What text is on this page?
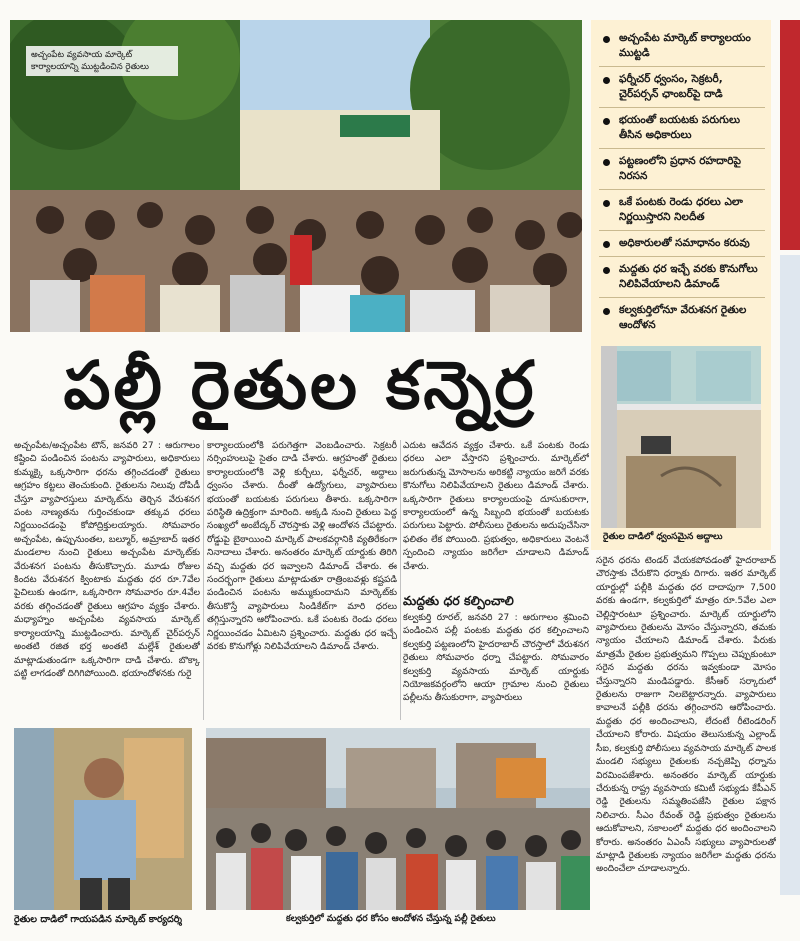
అచ్చంపేట వ్యవసాయ మార్కెట్ కార్యాలయాన్ని ముట్టడించిన రైతులు
అచ్చంపేట మార్కెట్ కార్యాలయం ముట్టడి
ఫర్నీచర్ ధ్వంసం, సెక్రటరీ, చైర్‌పర్సన్ ఛాంబర్‌పై దాడి
భయంతో బయటకు పరుగులు తీసిన అధికారులు
పట్టణంలోని ప్రధాన రహదారిపై నిరసన
ఒకే పంటకు రెండు ధరలు ఎలా నిర్ణయిస్తారని నిలదీత
అధికారులతో సమాధానం కరువు
మద్దతు ధర ఇచ్చే వరకు కొనుగోలు నిలిపివేయాలని డిమాండ్
కల్వకుర్తిలోనూ వేరుశనగ రైతుల ఆందోళన
రైతుల దాడిలో ధ్వంసమైన అద్దాలు
పల్లీ రైతుల కన్నెర్ర
అచ్చంపేట/అచ్చంపేట టౌన్, జనవరి 27 : ఆరుగాలం కష్టించి పండించిన పంటను వ్యాపారులు, అధికారులు కుమ్మక్కై ఒక్కసారిగా ధరను తగ్గించడంతో రైతులు ఆగ్రహం కట్టలు తెంచుకుంది. రైతులను నిలువు దోపిడీ చేస్తూ వ్యాపారస్తులు మార్కెట్‌ను తెర్చిన వేరుశనగ పంట నాణ్యతను గుర్తించకుండా తక్కువ ధరలు నిర్ణయించడంపై కోపోద్రిక్తులయ్యారు. సోమవారం అచ్చంపేట, ఉప్పునుంతల, బల్మూర్, అమ్రాబాద్ ఇతర మండలాల నుంచి రైతులు అచ్చంపేట మార్కెట్‌కు వేరుశనగ పంటను తీసుకొచ్చారు. మూడు రోజుల కిందట వేరుశనగ క్వింటాకు మద్దతు ధర రూ.7వేల పైచిలుకు ఉండగా, ఒక్కసారిగా సోమవారం రూ.4వేల వరకు తగ్గించడంతో రైతులు ఆగ్రహం వ్యక్తం చేశారు. మధ్యాహ్నం అచ్చంపేట వ్యవసాయ మార్కెట్ కార్యాలయాన్ని ముట్టడించారు. మార్కెట్ చైర్‌పర్సన్ అంతటి రజిత భర్త అంతటి మల్లేశ్ రైతులతో మాట్లాడుతుండగా ఒక్కసారిగా దాడి చేశారు. బొక్కా పట్టి లాగడంతో దిగిగిపోయింది. భయాందోళనకు గురై
కార్యాలయంలోకి పరుగెత్తగా వెంబడించారు. సెక్రటరీ నర్సింహులుపై సైతం దాడి చేశారు. ఆగ్రహంతో రైతులు కార్యాలయంలోకి వెళ్లి కుర్చీలు, ఫర్నీచర్, అద్దాలు ధ్వంసం చేశారు. దీంతో ఉద్యోగులు, వ్యాపారులు భయంతో బయటకు పరుగులు తీశారు. ఒక్కసారిగా పరిస్థితి ఉద్రిక్తంగా మారింది. అక్కడి నుంచి రైతులు పెద్ద సంఖ్యలో అంబేద్కర్ చౌరస్తాకు వెళ్లి ఆందోళన చేపట్టారు. రోడ్డుపై బైఠాయించి మార్కెట్ పాలకవర్గానికి వ్యతిరేకంగా నినాదాలు చేశారు. అనంతరం మార్కెట్‌ యార్డుకు తిరిగి వచ్చి మద్దతు ధర ఇవ్వాలని డిమాండ్ చేశారు. ఈ సందర్భంగా రైతులు మాట్లాడుతూ రాత్రింబవళ్లు కష్టపడి పండించిన పంటను అమ్ముకుందామని మార్కెట్‌కు తీసుకొస్తే వ్యాపారులు సిండికేట్‌గా మారి ధరలు తగ్గిస్తున్నారని ఆరోపించారు. ఒకే పంటకు రెండు ధరలు నిర్ణయించడం ఏమిటని ప్రశ్నించారు. మద్దతు ధర ఇచ్చే వరకు కొనుగోళ్లు నిలిపివేయాలని డిమాండ్ చేశారు.
ఎదుట ఆవేదన వ్యక్తం చేశారు. ఒకే పంటకు రెండు ధరలు ఎలా వేస్తారని ప్రశ్నించారు. మార్కెట్‌లో జరుగుతున్న మోసాలను అరికట్టి న్యాయం జరిగే వరకు కొనుగోలు నిలిపివేయాలని రైతులు డిమాండ్ చేశారు. ఒక్కసారిగా రైతులు కార్యాలయంపై దూసుకురాగా, కార్యాలయంలో ఉన్న సిబ్బంది భయంతో బయటకు పరుగులు పెట్టారు. పోలీసులు రైతులను అదుపుచేసినా ఫలితం లేక పోయింది. ప్రభుత్వం, అధికారులు వెంటనే స్పందించి న్యాయం జరిగేలా చూడాలని డిమాండ్ చేశారు.
మద్దతు ధర కల్పించాలి
కల్వకుర్తి రూరల్, జనవరి 27 : ఆరుగాలం శ్రమించి పండించిన పల్లీ పంటకు మద్దతు ధర కల్పించాలని కల్వకుర్తి పట్టణంలోని హైదరాబాద్ చౌరస్తాలో వేరుశనగ రైతులు సోమవారం ధర్నా చేపట్టారు. సోమవారం కల్వకుర్తి వ్యవసాయ మార్కెట్ యార్డుకు నియోజకవర్గంలోని ఆయా గ్రామాల నుంచి రైతులు పల్లీలను తీసుకురాగా, వ్యాపారులు
సరైన ధరను టెండర్ వేయకపోవడంతో హైదరాబాద్ చౌరస్తాకు చేరుకొని ధర్నాకు దిగారు. ఇతర మార్కెట్ యార్డుల్లో పల్లీకి మద్దతు ధర దాదాపుగా 7,500 వరకు ఉండగా, కల్వకుర్తిలో మాత్రం రూ.5వేల ఎలా చెల్లిస్తారంటూ ప్రశ్నించారు. మార్కెట్ యార్డులోని వ్యాపారులు రైతులను మోసం చేస్తున్నారని, తమకు న్యాయం చేయాలని డిమాండ్ చేశారు. పేరుకు మాత్రమే రైతుల ప్రభుత్వమని గొప్పలు చెప్పుకుంటూ సరైన మద్దతు ధరను ఇవ్వకుండా మోసం చేస్తున్నారని మండిపడ్డారు. కేసీఆర్ సర్కారులో రైతులను రాజుగా నిలబెట్టారన్నారు. వ్యాపారులు కావాలనే పల్లీకి ధరను తగ్గించారని ఆరోపించారు. మద్దతు ధర అందించాలని, లేదంటే రీటెండరింగ్ చేయాలని కోరారు. విషయం తెలుసుకున్న ఎల్లాండ్ సీఐ, కల్వకుర్తి పోలీసులు వ్యవసాయ మార్కెట్ పాలక మండలి సభ్యులు రైతులకు నచ్చజెప్పి ధర్నాను విరమింపజేశారు. అనంతరం మార్కెట్ యార్డుకు చేరుకున్న రాష్ట్ర వ్యవసాయ కమిటీ సభ్యుడు కేపీఎన్ రెడ్డి రైతులను సమ్మతింపజేసి రైతుల పక్షాన నిలిచారు. సీఎం రేవంత్ రెడ్డి ప్రభుత్వం రైతులను ఆదుకోవాలని, సకాలంలో మద్దతు ధర అందించాలని కోరారు. అనంతరం ఏఎంసీ సభ్యులు వ్యాపారులతో మాట్లాడి రైతులకు న్యాయం జరిగేలా మద్దతు ధరను అందించేలా చూడాలన్నారు.
రైతుల దాడిలో గాయపడిన మార్కెట్ కార్యదర్శి	కల్వకుర్తిలో మద్దతు ధర కోసం ఆందోళన చేస్తున్న పల్లీ రైతులు
